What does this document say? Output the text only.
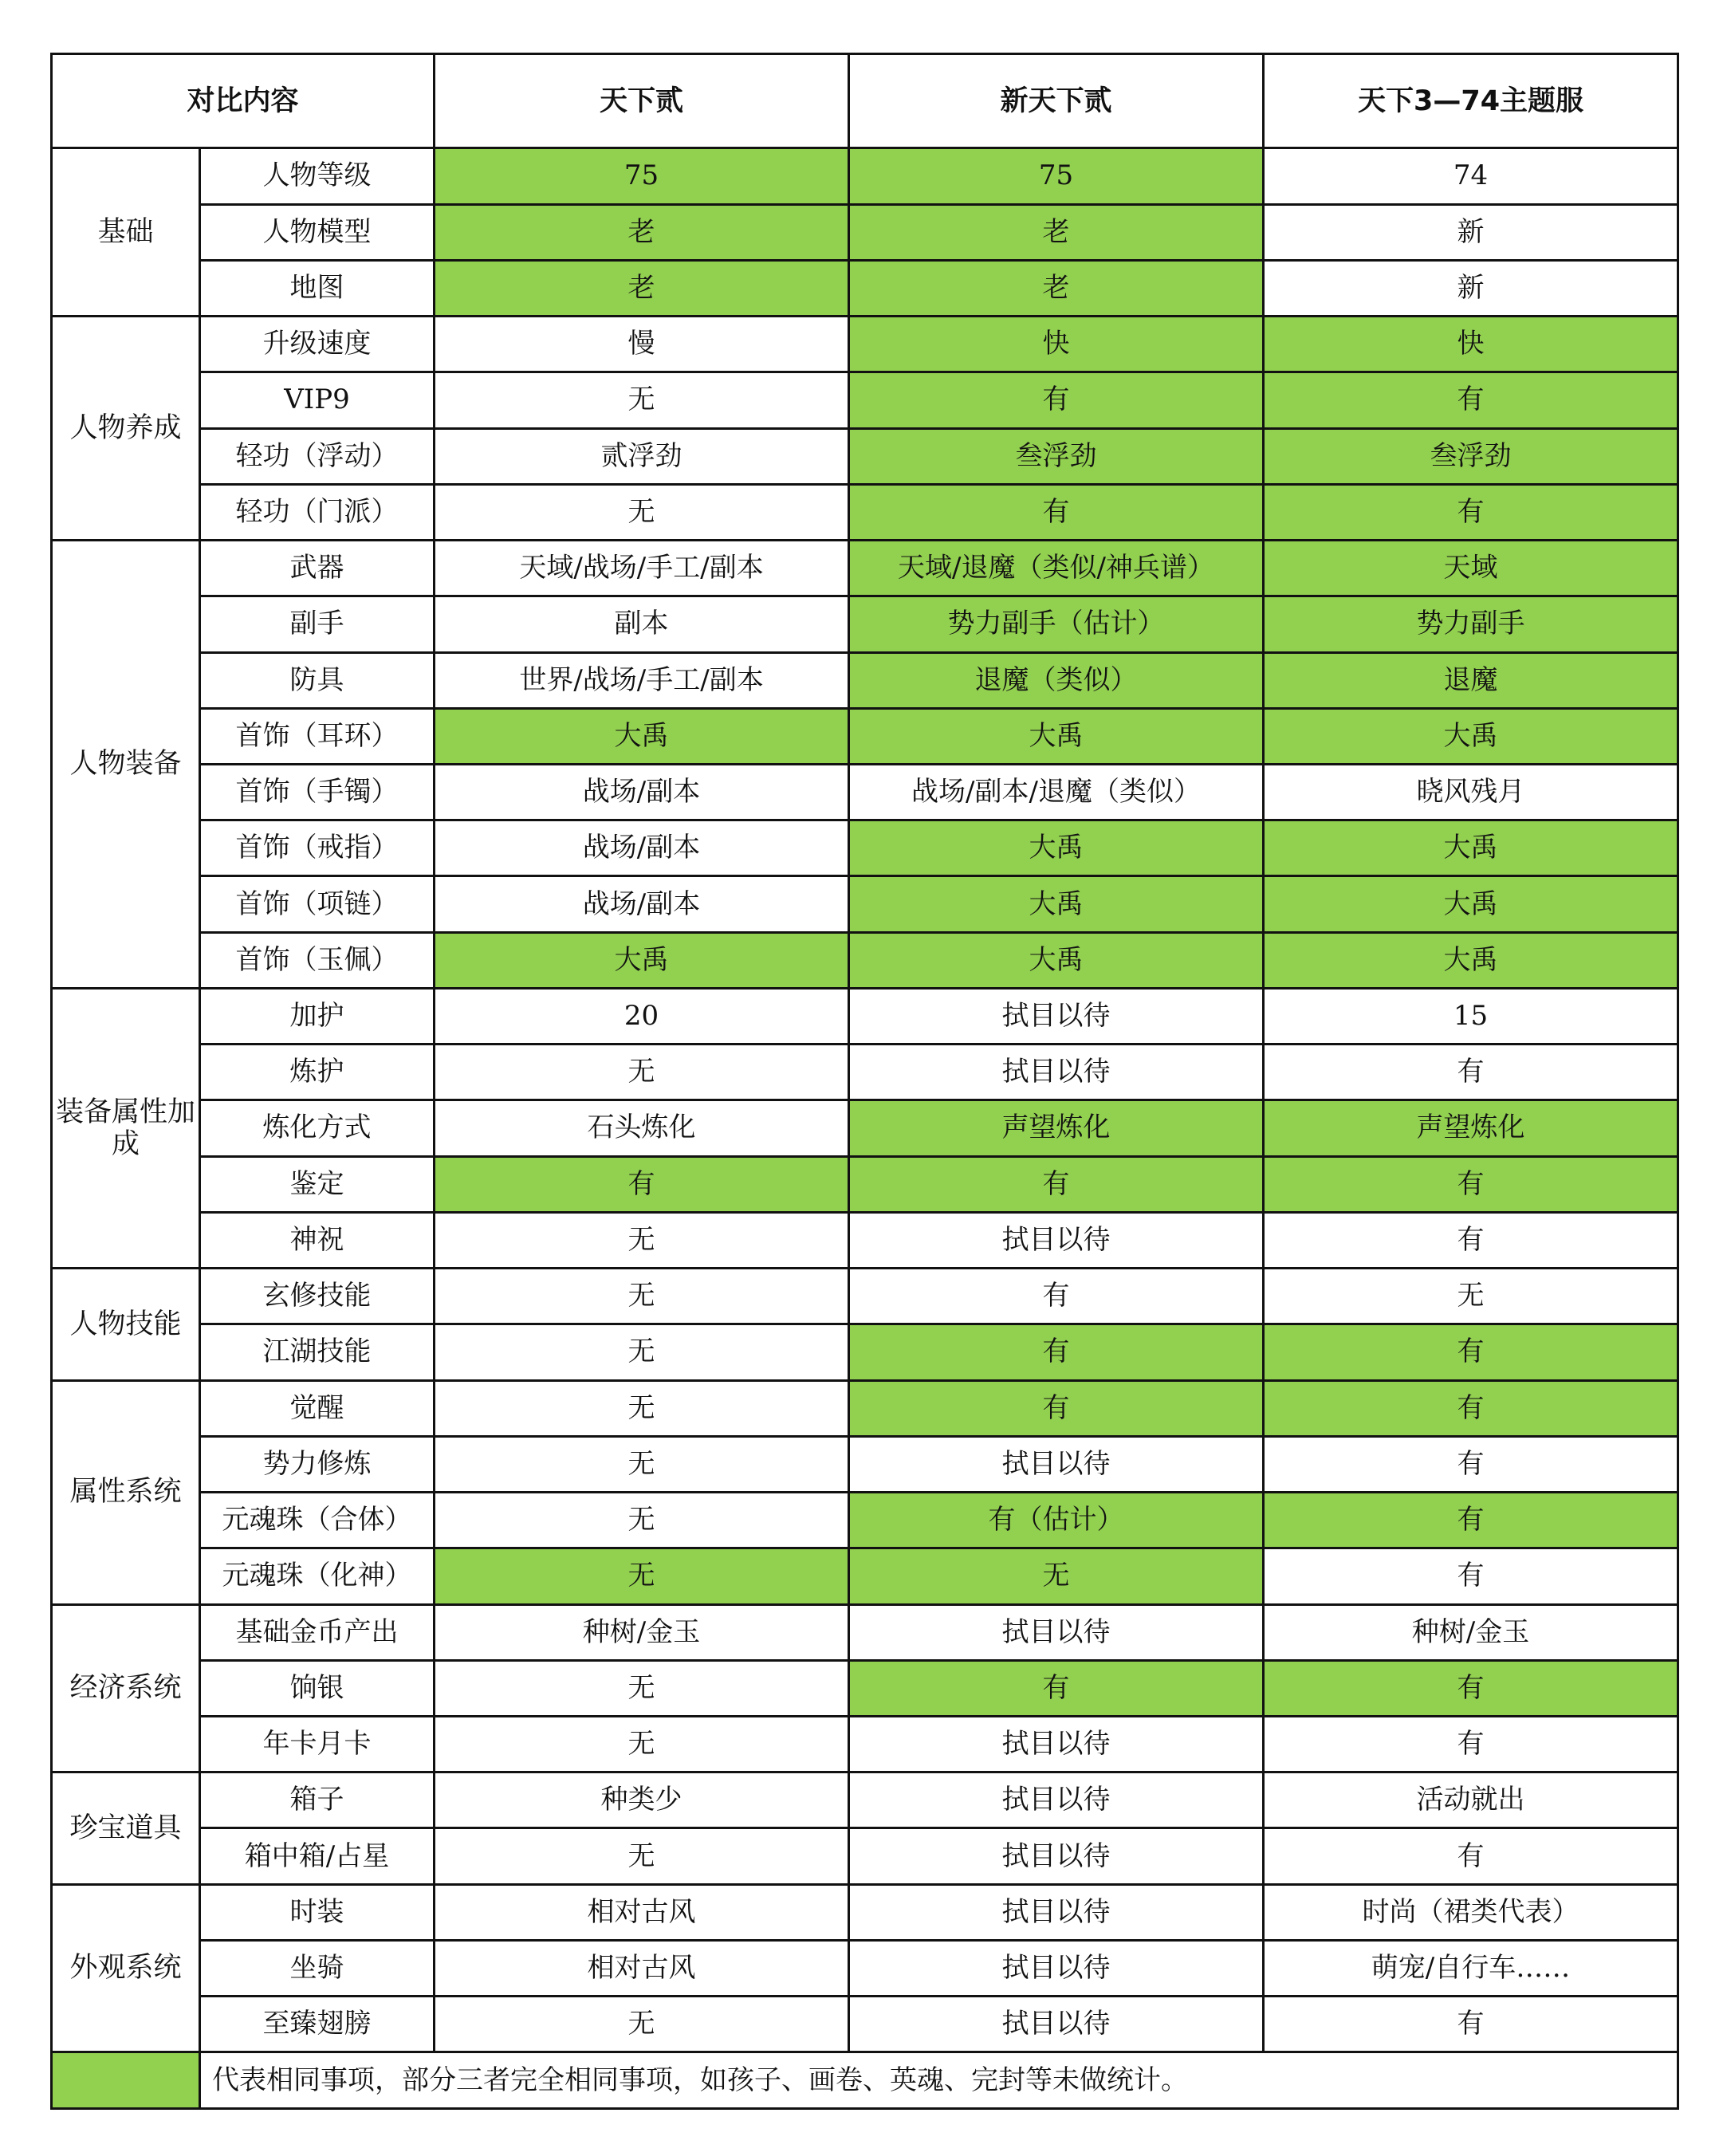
对比内容		天下贰	新天下贰	天下3—74主题服
基础	人物等级	75	75	74
	人物模型	老	老	新
	地图	老	老	新
人物养成	升级速度	慢	快	快
	VIP9	无	有	有
	轻功（浮动）	贰浮劲	叁浮劲	叁浮劲
	轻功（门派）	无	有	有
人物装备	武器	天域/战场/手工/副本	天域/退魔（类似/神兵谱）	天域
	副手	副本	势力副手（估计）	势力副手
	防具	世界/战场/手工/副本	退魔（类似）	退魔
	首饰（耳环）	大禹	大禹	大禹
	首饰（手镯）	战场/副本	战场/副本/退魔（类似）	晓风残月
	首饰（戒指）	战场/副本	大禹	大禹
	首饰（项链）	战场/副本	大禹	大禹
	首饰（玉佩）	大禹	大禹	大禹
装备属性加成	加护	20	拭目以待	15
	炼护	无	拭目以待	有
	炼化方式	石头炼化	声望炼化	声望炼化
	鉴定	有	有	有
	神祝	无	拭目以待	有
人物技能	玄修技能	无	有	无
	江湖技能	无	有	有
属性系统	觉醒	无	有	有
	势力修炼	无	拭目以待	有
	元魂珠（合体）	无	有（估计）	有
	元魂珠（化神）	无	无	有
经济系统	基础金币产出	种树/金玉	拭目以待	种树/金玉
	饷银	无	有	有
	年卡月卡	无	拭目以待	有
珍宝道具	箱子	种类少	拭目以待	活动就出
	箱中箱/占星	无	拭目以待	有
外观系统	时装	相对古风	拭目以待	时尚（裙类代表）
	坐骑	相对古风	拭目以待	萌宠/自行车……
	至臻翅膀	无	拭目以待	有
	代表相同事项，部分三者完全相同事项，如孩子、画卷、英魂、完封等未做统计。			
